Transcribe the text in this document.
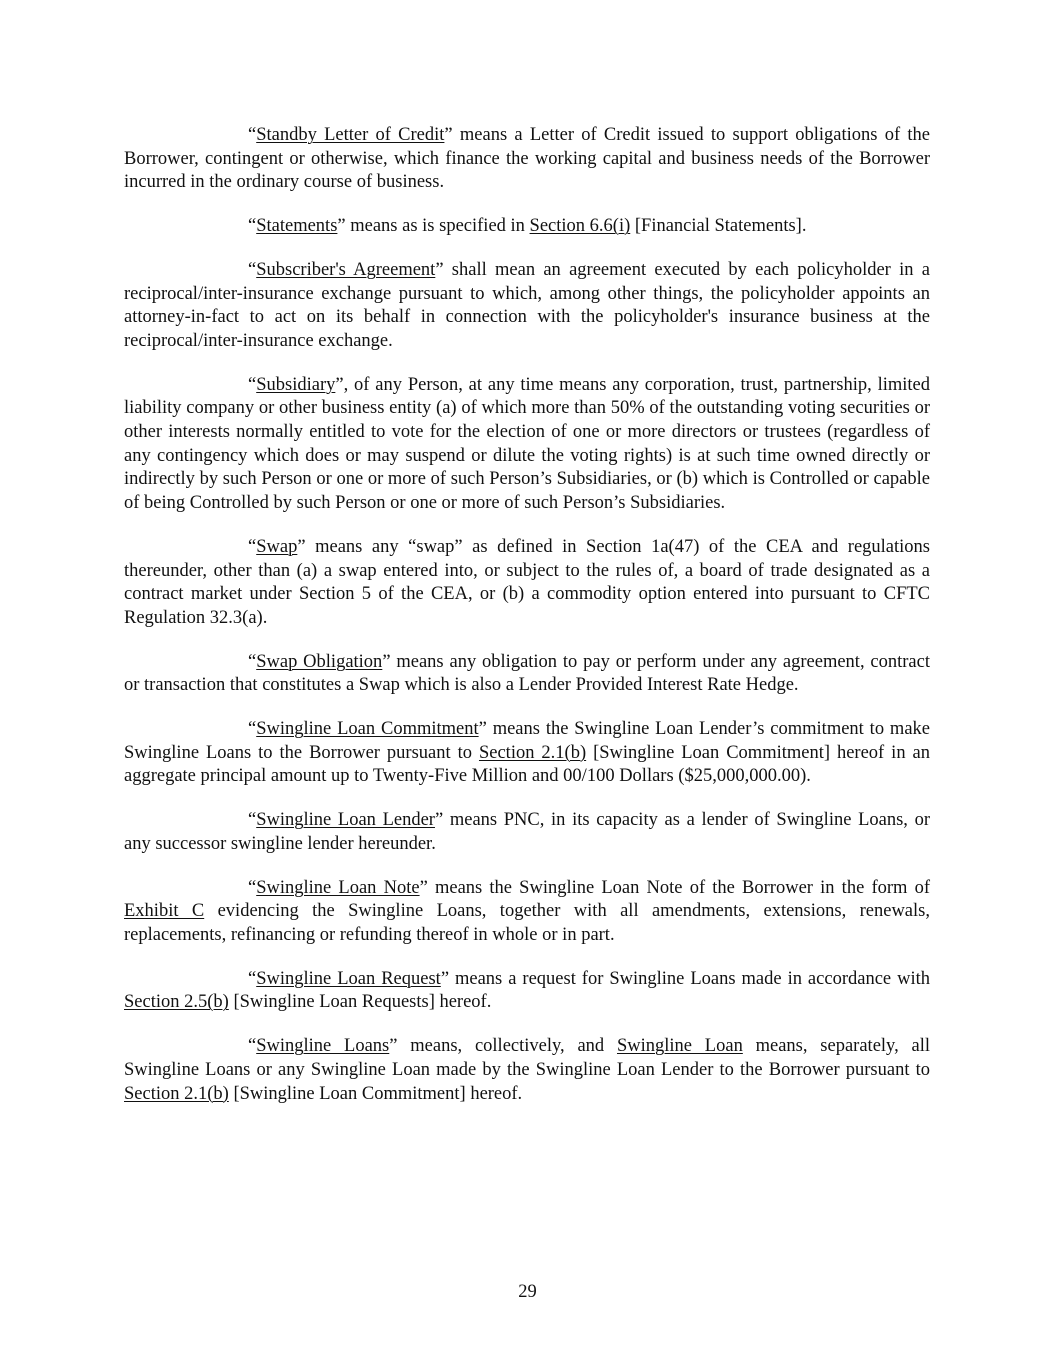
“Standby Letter of Credit” means a Letter of Credit issued to support obligations of the Borrower, contingent or otherwise, which finance the working capital and business needs of the Borrower incurred in the ordinary course of business.

“Statements” means as is specified in Section 6.6(i) [Financial Statements].

“Subscriber's Agreement” shall mean an agreement executed by each policyholder in a reciprocal/inter-insurance exchange pursuant to which, among other things, the policyholder appoints an attorney-in-fact to act on its behalf in connection with the policyholder's insurance business at the reciprocal/inter-insurance exchange.

“Subsidiary”, of any Person, at any time means any corporation, trust, partnership, limited liability company or other business entity (a) of which more than 50% of the outstanding voting securities or other interests normally entitled to vote for the election of one or more directors or trustees (regardless of any contingency which does or may suspend or dilute the voting rights) is at such time owned directly or indirectly by such Person or one or more of such Person’s Subsidiaries, or (b) which is Controlled or capable of being Controlled by such Person or one or more of such Person’s Subsidiaries.

“Swap” means any “swap” as defined in Section 1a(47) of the CEA and regulations thereunder, other than (a) a swap entered into, or subject to the rules of, a board of trade designated as a contract market under Section 5 of the CEA, or (b) a commodity option entered into pursuant to CFTC Regulation 32.3(a).

“Swap Obligation” means any obligation to pay or perform under any agreement, contract or transaction that constitutes a Swap which is also a Lender Provided Interest Rate Hedge.

“Swingline Loan Commitment” means the Swingline Loan Lender’s commitment to make Swingline Loans to the Borrower pursuant to Section 2.1(b) [Swingline Loan Commitment] hereof in an aggregate principal amount up to Twenty-Five Million and 00/100 Dollars ($25,000,000.00).

“Swingline Loan Lender” means PNC, in its capacity as a lender of Swingline Loans, or any successor swingline lender hereunder.

“Swingline Loan Note” means the Swingline Loan Note of the Borrower in the form of Exhibit C evidencing the Swingline Loans, together with all amendments, extensions, renewals, replacements, refinancing or refunding thereof in whole or in part.

“Swingline Loan Request” means a request for Swingline Loans made in accordance with Section 2.5(b) [Swingline Loan Requests] hereof.

“Swingline Loans” means, collectively, and Swingline Loan means, separately, all Swingline Loans or any Swingline Loan made by the Swingline Loan Lender to the Borrower pursuant to Section 2.1(b) [Swingline Loan Commitment] hereof.

29
